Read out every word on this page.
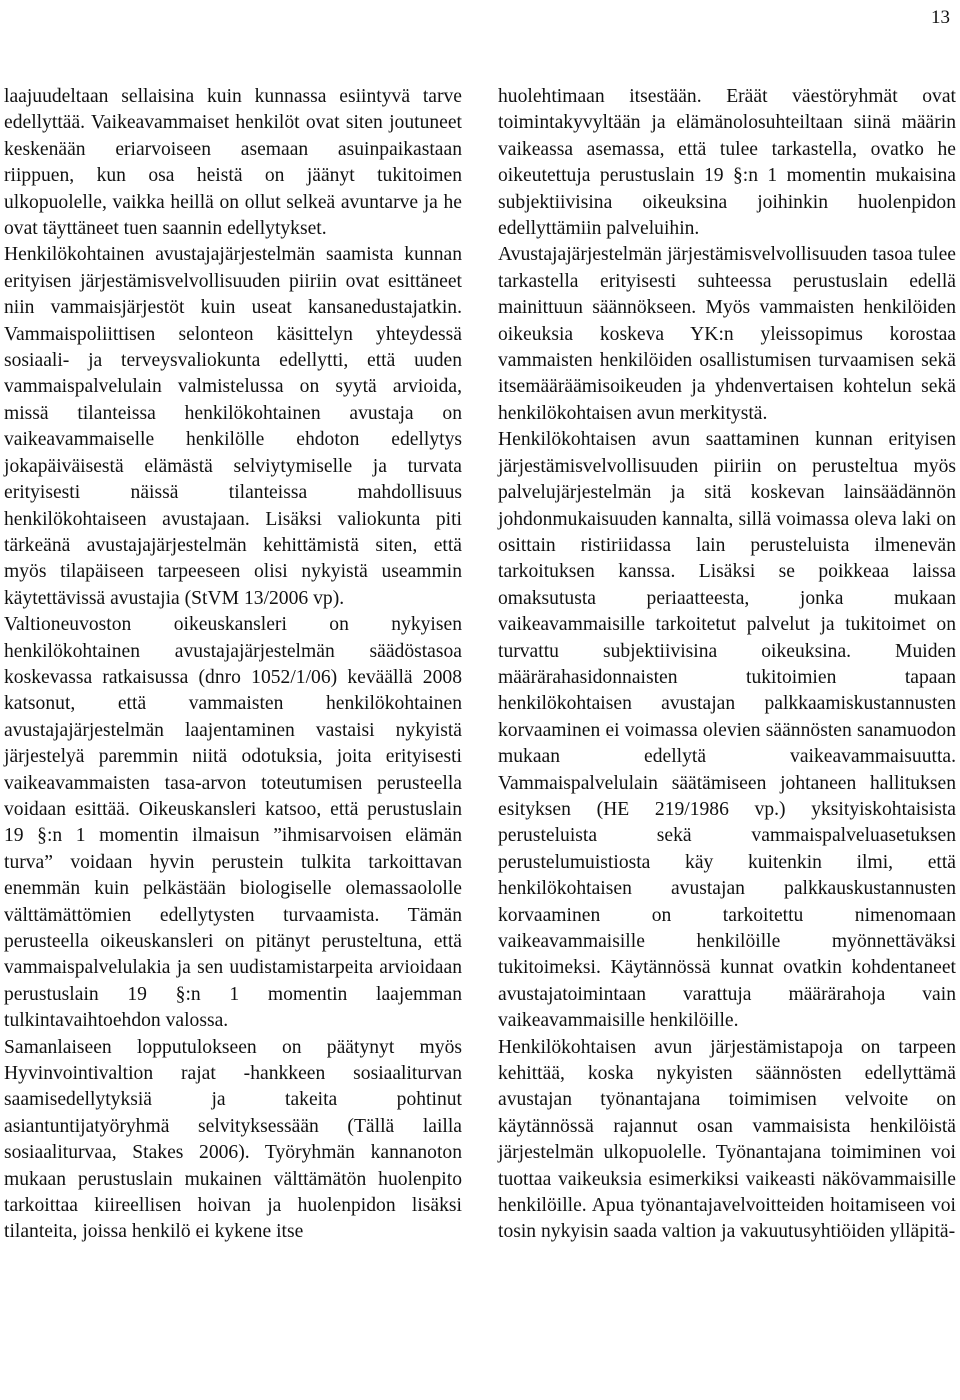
13

laajuudeltaan sellaisina kuin kunnassa esiintyvä tarve edellyttää. Vaikeavammaiset henkilöt ovat siten joutuneet keskenään eriarvoiseen asemaan asuinpaikastaan riippuen, kun osa heistä on jäänyt tukitoimen ulkopuolelle, vaikka heillä on ollut selkeä avuntarve ja he ovat täyttäneet tuen saannin edellytykset.

Henkilökohtainen avustajajärjestelmän saamista kunnan erityisen järjestämisvelvollisuuden piiriin ovat esittäneet niin vammaisjärjestöt kuin useat kansanedustajatkin. Vammaispoliittisen selonteon käsittelyn yhteydessä sosiaali- ja terveysvaliokunta edellytti, että uuden vammaispalvelulain valmistelussa on syytä arvioida, missä tilanteissa henkilökohtainen avustaja on vaikeavammaiselle henkilölle ehdoton edellytys jokapäiväisestä elämästä selviytymiselle ja turvata erityisesti näissä tilanteissa mahdollisuus henkilökohtaiseen avustajaan. Lisäksi valiokunta piti tärkeänä avustajajärjestelmän kehittämistä siten, että myös tilapäiseen tarpeeseen olisi nykyistä useammin käytettävissä avustajia (StVM 13/2006 vp).

Valtioneuvoston oikeuskansleri on nykyisen henkilökohtainen avustajajärjestelmän säädöstasoa koskevassa ratkaisussa (dnro 1052/1/06) keväällä 2008 katsonut, että vammaisten henkilökohtainen avustajajärjestelmän laajentaminen vastaisi nykyistä järjestelyä paremmin niitä odotuksia, joita erityisesti vaikeavammaisten tasa-arvon toteutumisen perusteella voidaan esittää. Oikeuskansleri katsoo, että perustuslain 19 §:n 1 momentin ilmaisun ”ihmisarvoisen elämän turva” voidaan hyvin perustein tulkita tarkoittavan enemmän kuin pelkästään biologiselle olemassaololle välttämättömien edellytysten turvaamista. Tämän perusteella oikeuskansleri on pitänyt perusteltuna, että vammaispalvelulakia ja sen uudistamistarpeita arvioidaan perustuslain 19 §:n 1 momentin laajemman tulkintavaihtoehdon valossa.

Samanlaiseen lopputulokseen on päätynyt myös Hyvinvointivaltion rajat -hankkeen sosiaaliturvan saamisedellytyksiä ja takeita pohtinut asiantuntijatyöryhmä selvityksessään (Tällä lailla sosiaaliturvaa, Stakes 2006). Työryhmän kannanoton mukaan perustuslain mukainen välttämätön huolenpito tarkoittaa kiireellisen hoivan ja huolenpidon lisäksi tilanteita, joissa henkilö ei kykene itse

huolehtimaan itsestään. Eräät väestöryhmät ovat toimintakyvyltään ja elämänolosuhteiltaan siinä määrin vaikeassa asemassa, että tulee tarkastella, ovatko he oikeutettuja perustuslain 19 §:n 1 momentin mukaisina subjektiivisina oikeuksina joihinkin huolenpidon edellyttämiin palveluihin.

Avustajajärjestelmän järjestämisvelvollisuuden tasoa tulee tarkastella erityisesti suhteessa perustuslain edellä mainittuun säännökseen. Myös vammaisten henkilöiden oikeuksia koskeva YK:n yleissopimus korostaa vammaisten henkilöiden osallistumisen turvaamisen sekä itsemääräämisoikeuden ja yhdenvertaisen kohtelun sekä henkilökohtaisen avun merkitystä.

Henkilökohtaisen avun saattaminen kunnan erityisen järjestämisvelvollisuuden piiriin on perusteltua myös palvelujärjestelmän ja sitä koskevan lainsäädännön johdonmukaisuuden kannalta, sillä voimassa oleva laki on osittain ristiriidassa lain perusteluista ilmenevän tarkoituksen kanssa. Lisäksi se poikkeaa laissa omaksutusta periaatteesta, jonka mukaan vaikeavammaisille tarkoitetut palvelut ja tukitoimet on turvattu subjektiivisina oikeuksina. Muiden määrärahasidonnaisten tukitoimien tapaan henkilökohtaisen avustajan palkkaamiskustannusten korvaaminen ei voimassa olevien säännösten sanamuodon mukaan edellytä vaikeavammaisuutta. Vammaispalvelulain säätämiseen johtaneen hallituksen esityksen (HE 219/1986 vp.) yksityiskohtaisista perusteluista sekä vammaispalveluasetuksen perustelumuistiosta käy kuitenkin ilmi, että henkilökohtaisen avustajan palkkauskustannusten korvaaminen on tarkoitettu nimenomaan vaikeavammaisille henkilöille myönnettäväksi tukitoimeksi. Käytännössä kunnat ovatkin kohdentaneet avustajatoimintaan varattuja määrärahoja vain vaikeavammaisille henkilöille.

Henkilökohtaisen avun järjestämistapoja on tarpeen kehittää, koska nykyisten säännösten edellyttämä avustajan työnantajana toimimisen velvoite on käytännössä rajannut osan vammaisista henkilöistä järjestelmän ulkopuolelle. Työnantajana toimiminen voi tuottaa vaikeuksia esimerkiksi vaikeasti näkövammaisille henkilöille. Apua työnantajavelvoitteiden hoitamiseen voi tosin nykyisin saada valtion ja vakuutusyhtiöiden ylläpitä-
